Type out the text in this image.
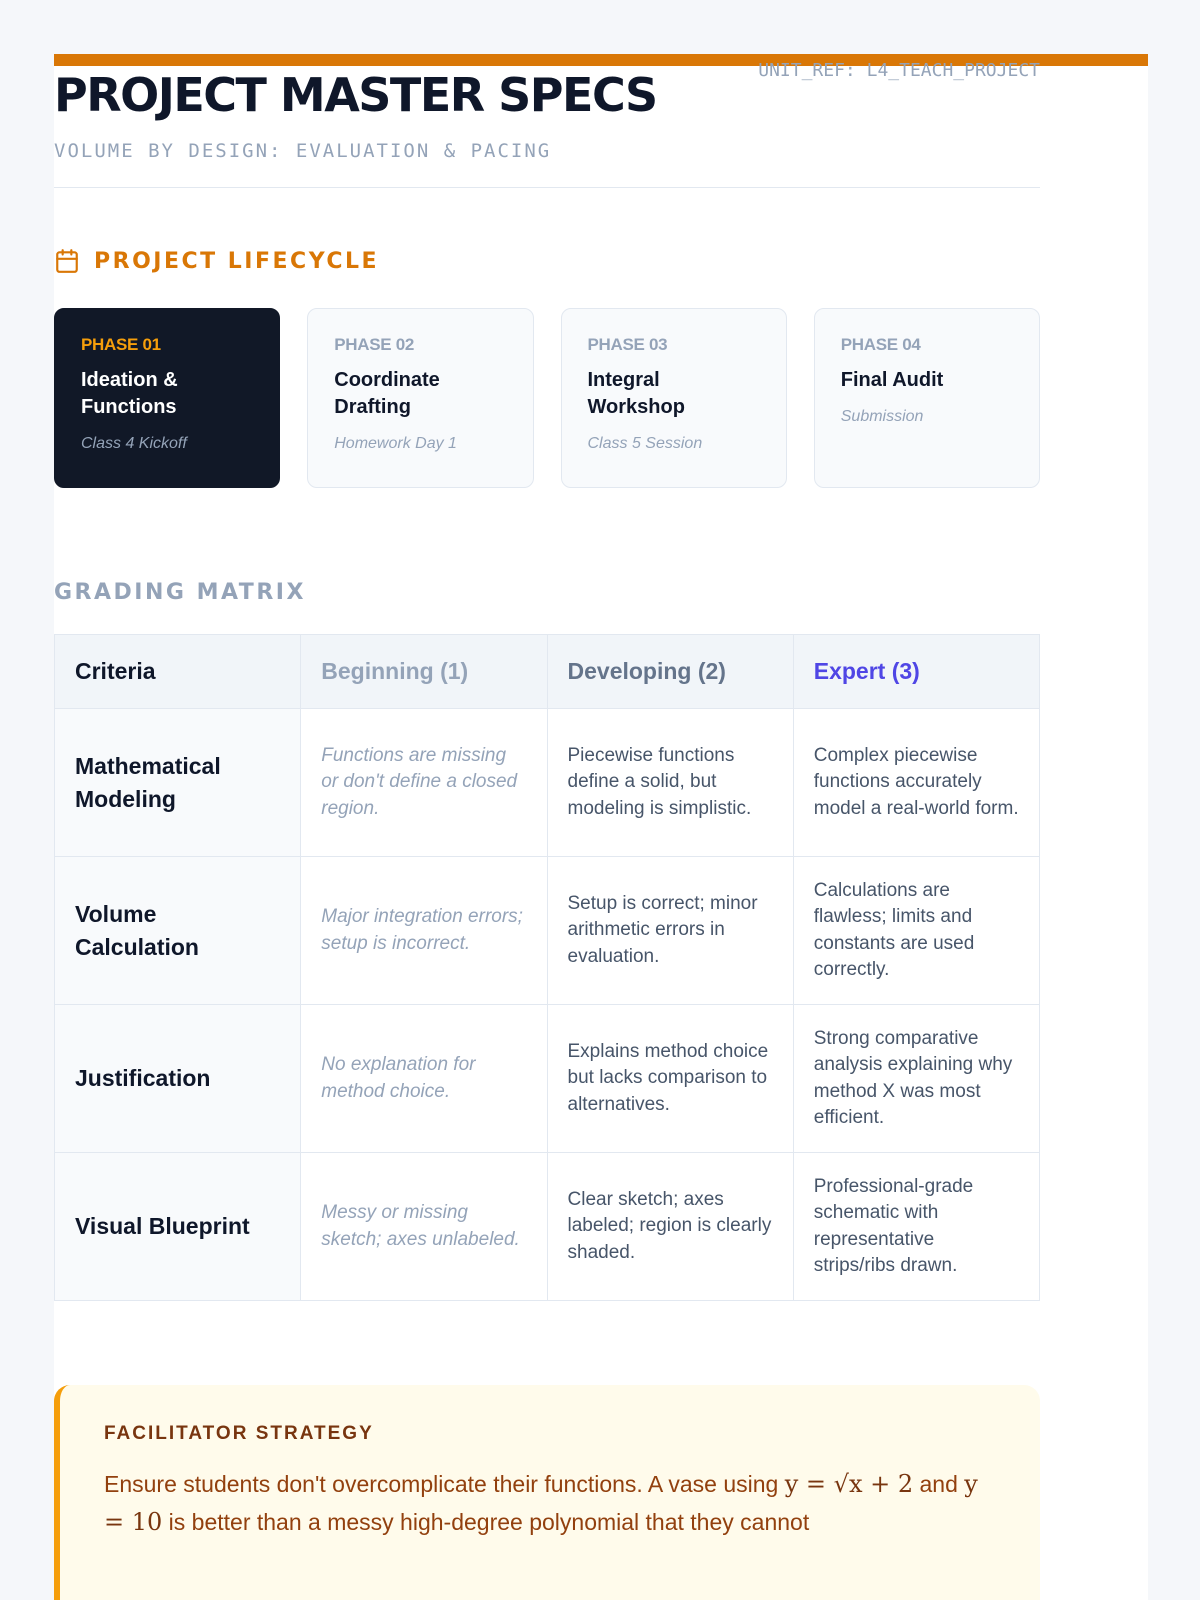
PROJECT MASTER SPECS
VOLUME BY DESIGN: EVALUATION & PACING
UNIT_REF: L4_TEACH_PROJECT
PROJECT LIFECYCLE
PHASE 01
Ideation & Functions
Class 4 Kickoff
PHASE 02
Coordinate Drafting
Homework Day 1
PHASE 03
Integral Workshop
Class 5 Session
PHASE 04
Final Audit
Submission
GRADING MATRIX
Criteria	Beginning (1)	Developing (2)	Expert (3)
Mathematical Modeling	Functions are missing or don't define a closed region.	Piecewise functions define a solid, but modeling is simplistic.	Complex piecewise functions accurately model a real-world form.
Volume Calculation	Major integration errors; setup is incorrect.	Setup is correct; minor arithmetic errors in evaluation.	Calculations are flawless; limits and constants are used correctly.
Justification	No explanation for method choice.	Explains method choice but lacks comparison to alternatives.	Strong comparative analysis explaining why method X was most efficient.
Visual Blueprint	Messy or missing sketch; axes unlabeled.	Clear sketch; axes labeled; region is clearly shaded.	Professional-grade schematic with representative strips/ribs drawn.
FACILITATOR STRATEGY
Ensure students don't overcomplicate their functions. A vase using y = √x + 2 and y = 10 is better than a messy high-degree polynomial that they cannot
